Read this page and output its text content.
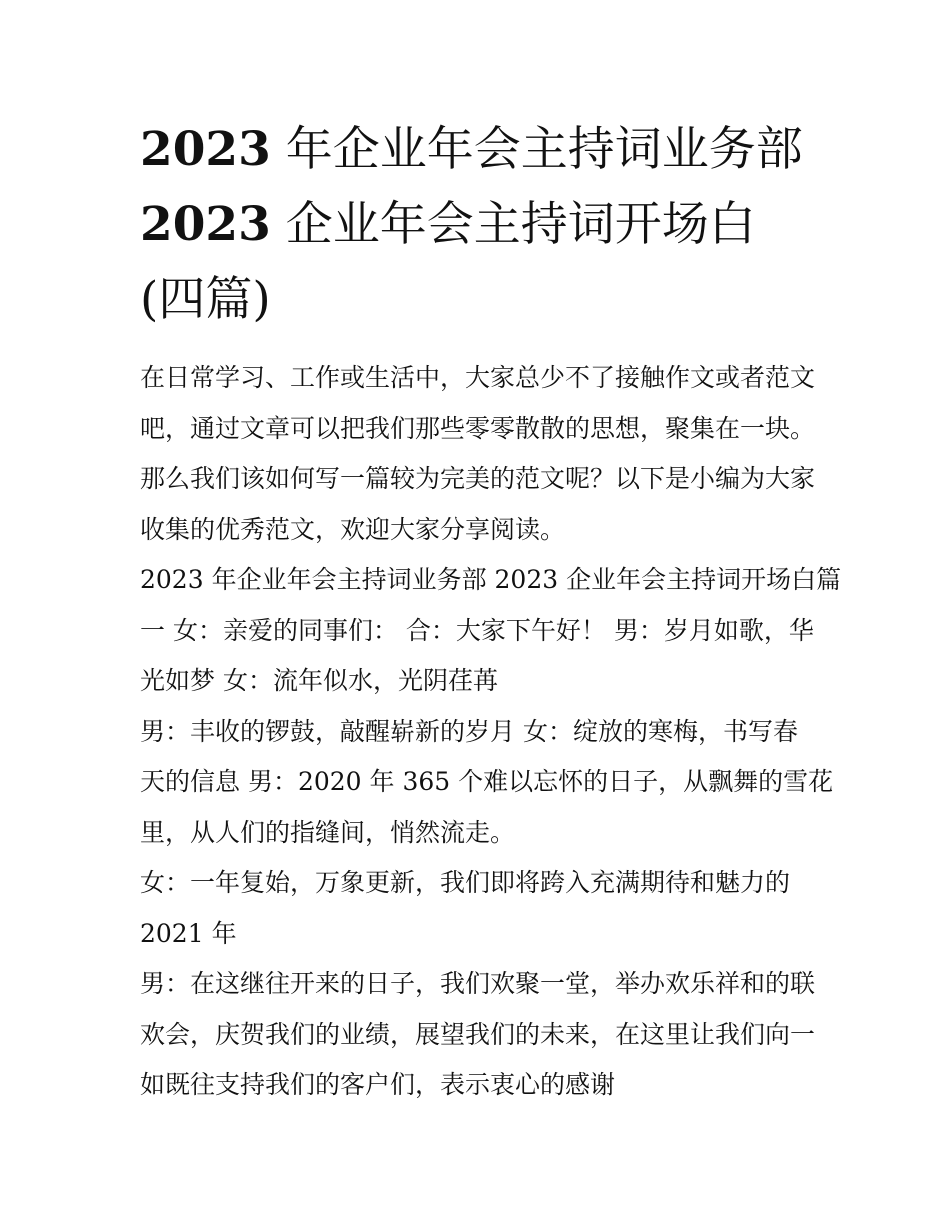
2023 年企业年会主持词业务部
2023 企业年会主持词开场白
(四篇)
在日常学习、工作或生活中，大家总少不了接触作文或者范文
吧，通过文章可以把我们那些零零散散的思想，聚集在一块。
那么我们该如何写一篇较为完美的范文呢？以下是小编为大家
收集的优秀范文，欢迎大家分享阅读。
2023 年企业年会主持词业务部 2023 企业年会主持词开场白篇
一 女：亲爱的同事们： 合：大家下午好！ 男：岁月如歌，华
光如梦 女：流年似水，光阴荏苒
男：丰收的锣鼓，敲醒崭新的岁月 女：绽放的寒梅，书写春
天的信息 男：2020 年 365 个难以忘怀的日子，从飘舞的雪花
里，从人们的指缝间，悄然流走。
女：一年复始，万象更新，我们即将跨入充满期待和魅力的
2021 年
男：在这继往开来的日子，我们欢聚一堂，举办欢乐祥和的联
欢会，庆贺我们的业绩，展望我们的未来，在这里让我们向一
如既往支持我们的客户们，表示衷心的感谢
